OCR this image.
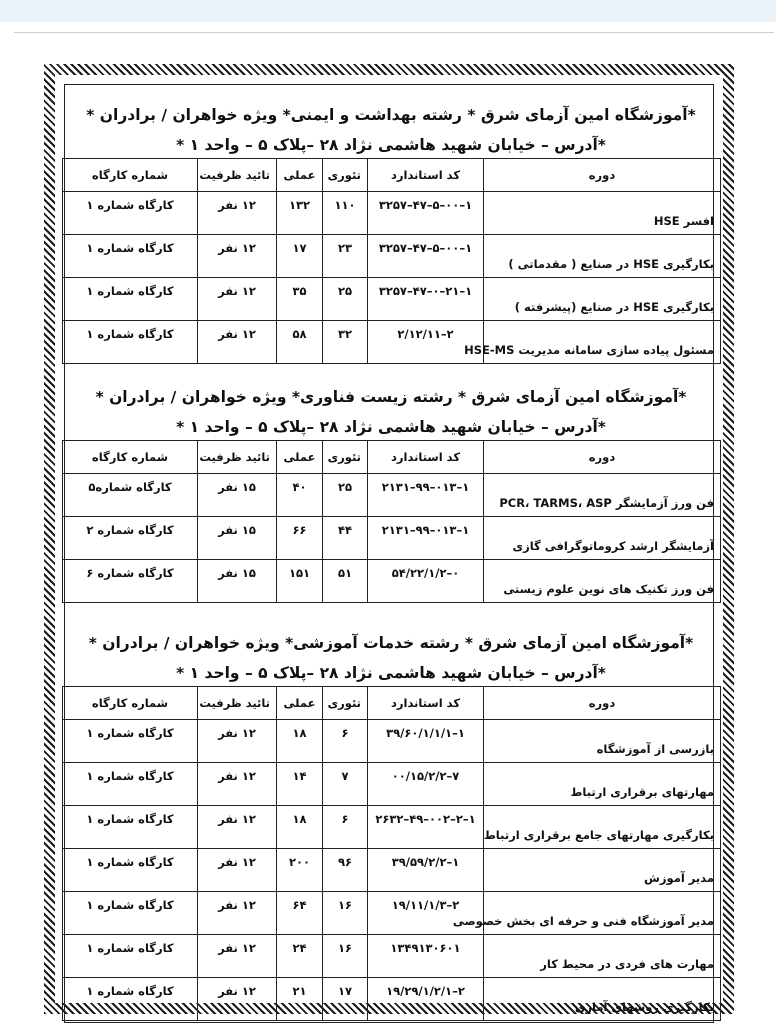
*آموزشگاه امین آزمای شرق * رشته بهداشت و ایمنی* ویژه خواهران / برادران *
*آدرس – خیابان شهید هاشمی نژاد ۲۸ –پلاک ۵ – واحد ۱ *
دوره	کد استاندارد	تئوری	عملی	تائید ظرفیت	شماره کارگاه
افسر HSE	۱–۰۰–۵–۴۷–۳۲۵۷	۱۱۰	۱۳۲	۱۲ نفر	کارگاه شماره ۱
بکارگیری HSE در صنایع ( مقدماتی )	۱–۰۰–۵–۴۷–۳۲۵۷	۲۳	۱۷	۱۲ نفر	کارگاه شماره ۱
بکارگیری HSE در صنایع (پیشرفته )	۱–۲۱–۰–۴۷–۳۲۵۷	۲۵	۳۵	۱۲ نفر	کارگاه شماره ۱
مسئول پیاده سازی سامانه مدیریت HSE-MS	۲–۲/۱۲/۱۱	۳۲	۵۸	۱۲ نفر	کارگاه شماره ۱
*آموزشگاه امین آزمای شرق * رشته زیست فناوری* ویژه خواهران / برادران *
*آدرس – خیابان شهید هاشمی نژاد ۲۸ –پلاک ۵ – واحد ۱ *
دوره	کد استاندارد	تئوری	عملی	تائید ظرفیت	شماره کارگاه
فن ورز آزمایشگر PCR، TARMS، ASP	۱–۰۱۳–۹۹–۲۱۳۱	۲۵	۴۰	۱۵ نفر	کارگاه شماره۵
آزمایشگر ارشد کروماتوگرافی گازی	۱–۰۱۳–۹۹–۲۱۳۱	۴۴	۶۶	۱۵ نفر	کارگاه شماره ۲
فن ورز تکنیک های نوین علوم زیستی	۰–۵۴/۲۲/۱/۲	۵۱	۱۵۱	۱۵ نفر	کارگاه شماره ۶
*آموزشگاه امین آزمای شرق * رشته خدمات آموزشی* ویژه خواهران / برادران *
*آدرس – خیابان شهید هاشمی نژاد ۲۸ –پلاک ۵ – واحد ۱ *
دوره	کد استاندارد	تئوری	عملی	تائید ظرفیت	شماره کارگاه
بازرسی از آموزشگاه	۱–۳۹/۶۰/۱/۱/۱	۶	۱۸	۱۲ نفر	کارگاه شماره ۱
مهارتهای برقراری ارتباط	۷–۰۰/۱۵/۲/۲	۷	۱۴	۱۲ نفر	کارگاه شماره ۱
بکارگیری مهارتهای جامع برقراری ارتباط	۱–۲–۰۰۲–۴۹–۲۶۳۲	۶	۱۸	۱۲ نفر	کارگاه شماره ۱
مدیر آموزش	۱–۳۹/۵۹/۲/۲	۹۶	۲۰۰	۱۲ نفر	کارگاه شماره ۱
مدیر آموزشگاه فنی و حرفه ای بخش خصوصی	۲–۱۹/۱۱/۱/۳	۱۶	۶۴	۱۲ نفر	کارگاه شماره ۱
مهارت های فردی در محیط کار	۱۳۴۹۱۳۰۶۰۱	۱۶	۲۴	۱۲ نفر	کارگاه شماره ۱
بکارگیری روشهای آماری	۲–۱۹/۲۹/۱/۲/۱	۱۷	۲۱	۱۲ نفر	کارگاه شماره ۱
